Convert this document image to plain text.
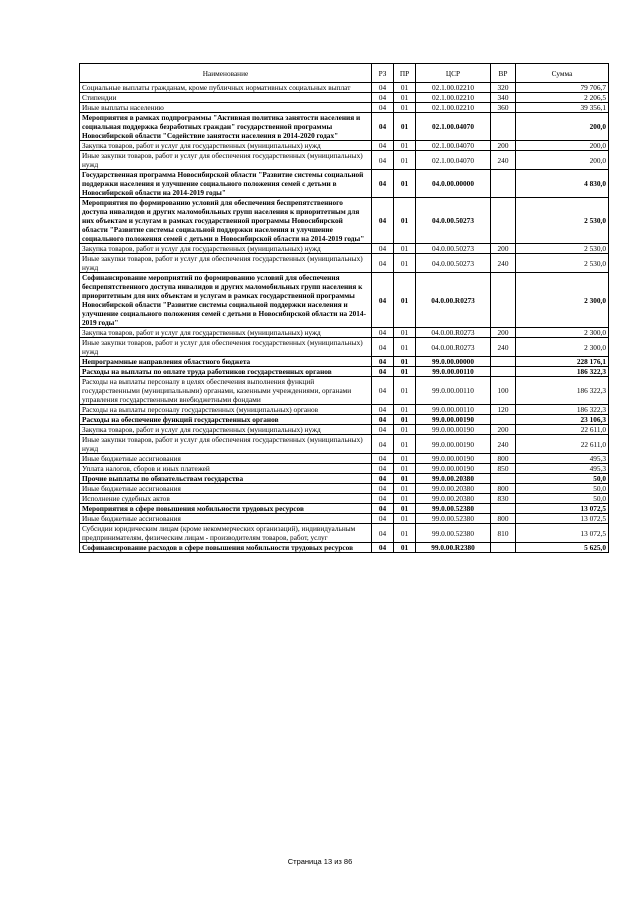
Наименование	РЗ	ПР	ЦСР	ВР	Сумма
Социальные выплаты гражданам, кроме публичных нормативных социальных выплат	04	01	02.1.00.02210	320	79 706,7
Стипендии	04	01	02.1.00.02210	340	2 206,5
Иные выплаты населению	04	01	02.1.00.02210	360	39 356,1
Мероприятия в рамках подпрограммы "Активная политика занятости населения и социальная поддержка безработных граждан" государственной программы Новосибирской области "Содействие занятости населения в 2014-2020 годах"	04	01	02.1.00.04070		200,0
Закупка товаров, работ и услуг для государственных (муниципальных) нужд	04	01	02.1.00.04070	200	200,0
Иные закупки товаров, работ и услуг для обеспечения государственных (муниципальных) нужд	04	01	02.1.00.04070	240	200,0
Государственная программа Новосибирской области "Развитие системы социальной поддержки населения и улучшение социального положения семей с детьми в Новосибирской области на 2014-2019 годы"	04	01	04.0.00.00000		4 830,0
Мероприятия по формированию условий для обеспечения беспрепятственного доступа инвалидов и других маломобильных групп населения к приоритетным для них объектам и услугам в рамках государственной программы Новосибирской области "Развитие системы социальной поддержки населения и улучшение социального положения семей с детьми в Новосибирской области на 2014-2019 годы"	04	01	04.0.00.50273		2 530,0
Закупка товаров, работ и услуг для государственных (муниципальных) нужд	04	01	04.0.00.50273	200	2 530,0
Иные закупки товаров, работ и услуг для обеспечения государственных (муниципальных) нужд	04	01	04.0.00.50273	240	2 530,0
Софинансирование мероприятий по формированию условий для обеспечения беспрепятственного доступа инвалидов и других маломобильных групп населения к приоритетным для них объектам и услугам в рамках государственной программы Новосибирской области "Развитие системы социальной поддержки населения и улучшение социального положения семей с детьми в Новосибирской области на 2014-2019 годы"	04	01	04.0.00.R0273		2 300,0
Закупка товаров, работ и услуг для государственных (муниципальных) нужд	04	01	04.0.00.R0273	200	2 300,0
Иные закупки товаров, работ и услуг для обеспечения государственных (муниципальных) нужд	04	01	04.0.00.R0273	240	2 300,0
Непрограммные направления областного бюджета	04	01	99.0.00.00000		228 176,1
Расходы на выплаты по оплате труда работников государственных органов	04	01	99.0.00.00110		186 322,3
Расходы на выплаты персоналу в целях обеспечения выполнения функций государственными (муниципальными) органами, казенными учреждениями, органами управления государственными внебюджетными фондами	04	01	99.0.00.00110	100	186 322,3
Расходы на выплаты персоналу государственных (муниципальных) органов	04	01	99.0.00.00110	120	186 322,3
Расходы на обеспечение функций государственных органов	04	01	99.0.00.00190		23 106,3
Закупка товаров, работ и услуг для государственных (муниципальных) нужд	04	01	99.0.00.00190	200	22 611,0
Иные закупки товаров, работ и услуг для обеспечения государственных (муниципальных) нужд	04	01	99.0.00.00190	240	22 611,0
Иные бюджетные ассигнования	04	01	99.0.00.00190	800	495,3
Уплата налогов, сборов и иных платежей	04	01	99.0.00.00190	850	495,3
Прочие выплаты по обязательствам государства	04	01	99.0.00.20380		50,0
Иные бюджетные ассигнования	04	01	99.0.00.20380	800	50,0
Исполнение судебных актов	04	01	99.0.00.20380	830	50,0
Мероприятия в сфере повышения мобильности трудовых ресурсов	04	01	99.0.00.52380		13 072,5
Иные бюджетные ассигнования	04	01	99.0.00.52380	800	13 072,5
Субсидии юридическим лицам (кроме некоммерческих организаций), индивидуальным предпринимателям, физическим лицам - производителям товаров, работ, услуг	04	01	99.0.00.52380	810	13 072,5
Софинансирование расходов в сфере повышения мобильности трудовых ресурсов	04	01	99.0.00.R2380		5 625,0
Страница 13 из 86
